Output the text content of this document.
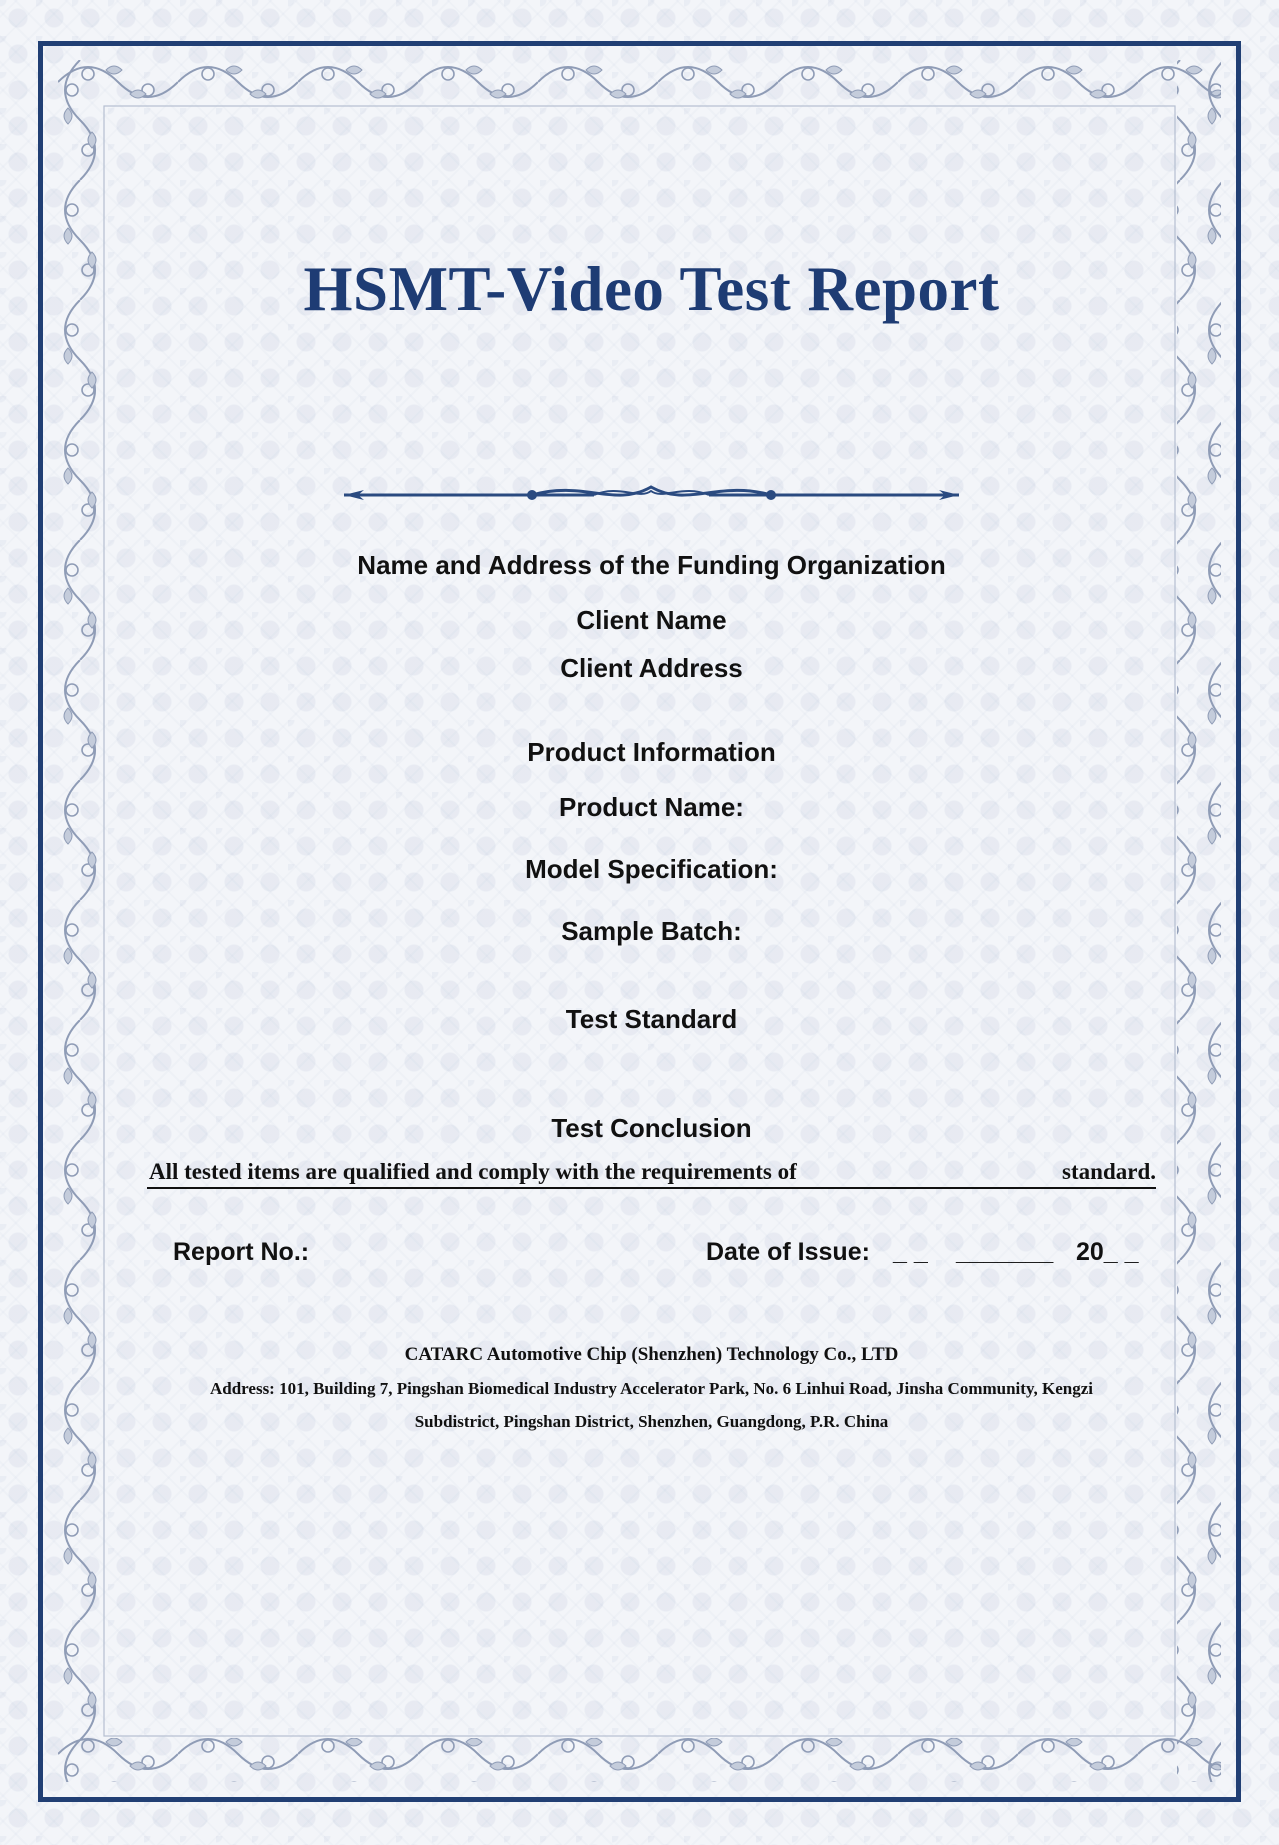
HSMT-Video Test Report
Name and Address of the Funding Organization
Client Name
Client Address
Product Information
Product Name:
Model Specification:
Sample Batch:
Test Standard
Test Conclusion
All tested items are qualified and comply with the requirements of	standard.
Report No.:	Date of Issue: _ _ _______ 20_ _
CATARC Automotive Chip (Shenzhen) Technology Co., LTD
Address: 101, Building 7, Pingshan Biomedical Industry Accelerator Park, No. 6 Linhui Road, Jinsha Community, Kengzi
Subdistrict, Pingshan District, Shenzhen, Guangdong, P.R. China
